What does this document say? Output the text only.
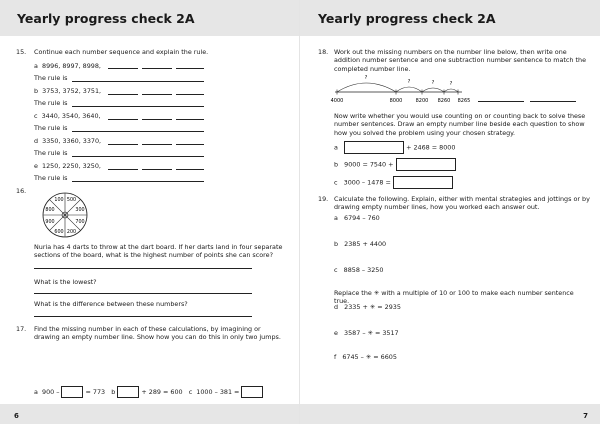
Yearly progress check 2A
15. Continue each number sequence and explain the rule.
a 8996, 8997, 8998,
The rule is
b 3753, 3752, 3751,
The rule is
c 3440, 3540, 3640,
The rule is
d 3350, 3360, 3370,
The rule is
e 1250, 2250, 3250,
The rule is
16.
100 500
300
700
200
600
900
800
Nuria has 4 darts to throw at the dart board. If her darts land in four separate sections of the board, what is the highest number of points she can score?
What is the lowest?
What is the difference between these numbers?
17. Find the missing number in each of these calculations, by imagining or drawing an empty number line. Show how you can do this in only two jumps.
a 900 –	= 773 b	+ 289 = 600 c 1000 – 381 =
6
Yearly progress check 2A
18. Work out the missing numbers on the number line below, then write one addition number sentence and one subtraction number sentence to match the completed number line.
?
?	?	?
4000	8000	8200 8260 8265
Now write whether you would use counting on or counting back to solve these number sentences. Draw an empty number line beside each question to show how you solved the problem using your chosen strategy.
a	+ 2468 = 8000
b 9000 = 7540 +
c 3000 – 1478 =
19. Calculate the following. Explain, either with mental strategies and jottings or by drawing empty number lines, how you worked each answer out.
a 6794 – 760
b 2385 + 4400
c 8858 – 3250
Replace the ✳ with a multiple of 10 or 100 to make each number sentence true.
d 2335 + ✳ = 2935
e 3587 – ✳ = 3517
f 6745 – ✳ = 6605
7
